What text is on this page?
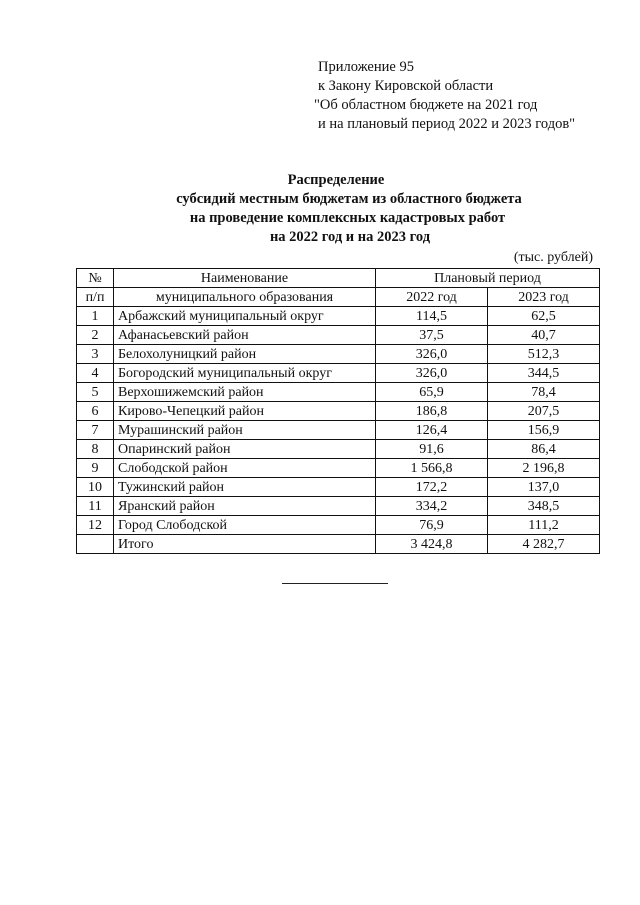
Приложение 95
к Закону Кировской области
"Об областном бюджете на 2021 год
и на плановый период 2022 и 2023 годов"
Распределение
субсидий местным бюджетам из областного бюджета
на проведение комплексных кадастровых работ
на 2022 год и на 2023 год
(тыс. рублей)
№	Наименование	Плановый период	
п/п	муниципального образования	2022 год	2023 год
1	Арбажский муниципальный округ	114,5	62,5
2	Афанасьевский район	37,5	40,7
3	Белохолуницкий район	326,0	512,3
4	Богородский муниципальный округ	326,0	344,5
5	Верхошижемский район	65,9	78,4
6	Кирово-Чепецкий район	186,8	207,5
7	Мурашинский район	126,4	156,9
8	Опаринский район	91,6	86,4
9	Слободской район	1 566,8	2 196,8
10	Тужинский район	172,2	137,0
11	Яранский район	334,2	348,5
12	Город Слободской	76,9	111,2
	Итого	3 424,8	4 282,7
